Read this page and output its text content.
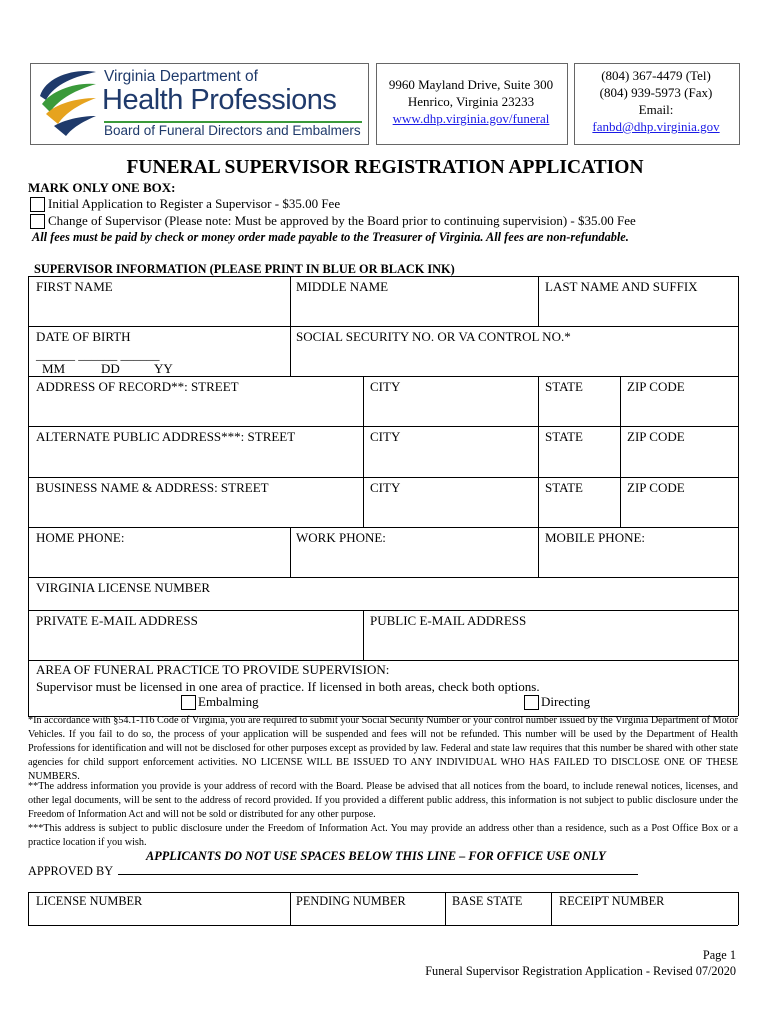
Virginia Department of
Health Professions
Board of Funeral Directors and Embalmers
9960 Mayland Drive, Suite 300
Henrico, Virginia 23233
www.dhp.virginia.gov/funeral
(804) 367-4479 (Tel)
(804) 939-5973 (Fax)
Email:
fanbd@dhp.virginia.gov
FUNERAL SUPERVISOR REGISTRATION APPLICATION
MARK ONLY ONE BOX:
Initial Application to Register a Supervisor - $35.00 Fee
Change of Supervisor (Please note: Must be approved by the Board prior to continuing supervision) - $35.00 Fee
All fees must be paid by check or money order made payable to the Treasurer of Virginia. All fees are non-refundable.
SUPERVISOR INFORMATION (PLEASE PRINT IN BLUE OR BLACK INK)
FIRST NAME	MIDDLE NAME	LAST NAME AND SUFFIX
DATE OF BIRTH
______ ______ ______
MM	DD	YY
SOCIAL SECURITY NO. OR VA CONTROL NO.*
ADDRESS OF RECORD**: STREET	CITY	STATE	ZIP CODE
ALTERNATE PUBLIC ADDRESS***: STREET	CITY	STATE	ZIP CODE
BUSINESS NAME & ADDRESS: STREET	CITY	STATE	ZIP CODE
HOME PHONE:	WORK PHONE:	MOBILE PHONE:
VIRGINIA LICENSE NUMBER
PRIVATE E-MAIL ADDRESS	PUBLIC E-MAIL ADDRESS
AREA OF FUNERAL PRACTICE TO PROVIDE SUPERVISION:
Supervisor must be licensed in one area of practice. If licensed in both areas, check both options.
Embalming	Directing
*In accordance with §54.1-116 Code of Virginia, you are required to submit your Social Security Number or your control number issued by the Virginia Department of Motor Vehicles. If you fail to do so, the process of your application will be suspended and fees will not be refunded. This number will be used by the Department of Health Professions for identification and will not be disclosed for other purposes except as provided by law. Federal and state law requires that this number be shared with other state agencies for child support enforcement activities. NO LICENSE WILL BE ISSUED TO ANY INDIVIDUAL WHO HAS FAILED TO DISCLOSE ONE OF THESE NUMBERS.
**The address information you provide is your address of record with the Board. Please be advised that all notices from the board, to include renewal notices, licenses, and other legal documents, will be sent to the address of record provided. If you provided a different public address, this information is not subject to public disclosure under the Freedom of Information Act and will not be sold or distributed for any other purpose.
***This address is subject to public disclosure under the Freedom of Information Act. You may provide an address other than a residence, such as a Post Office Box or a practice location if you wish.
APPLICANTS DO NOT USE SPACES BELOW THIS LINE – FOR OFFICE USE ONLY
APPROVED BY
LICENSE NUMBER	PENDING NUMBER	BASE STATE	RECEIPT NUMBER
Page 1
Funeral Supervisor Registration Application - Revised 07/2020
